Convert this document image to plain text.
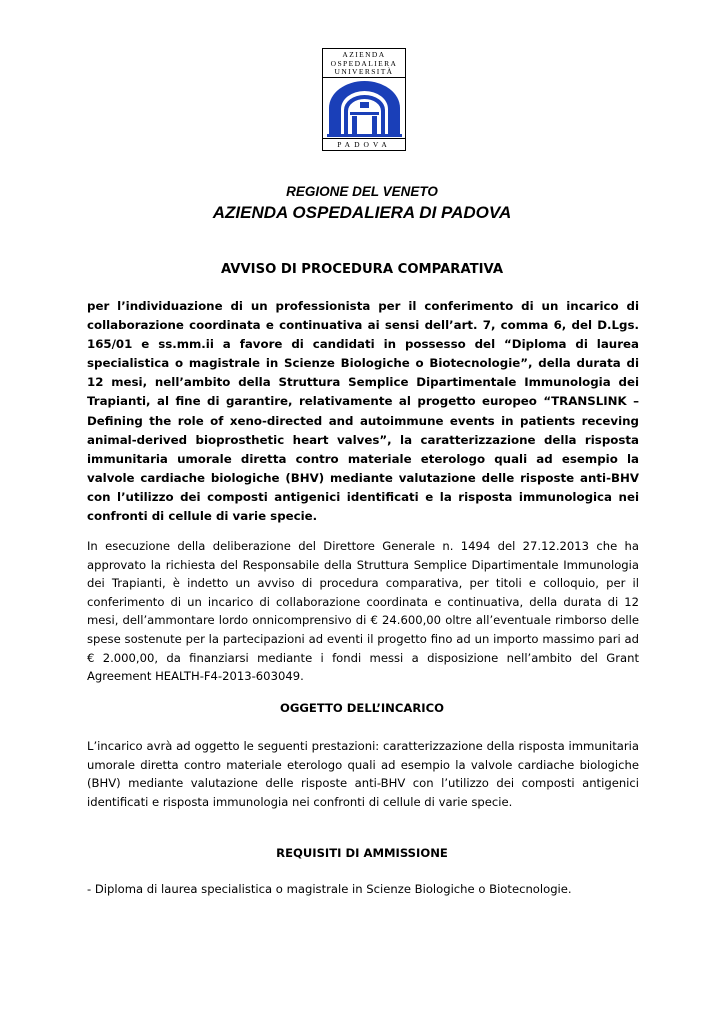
AZIENDA
OSPEDALIERA
UNIVERSITÀ
PADOVA
REGIONE DEL VENETO
AZIENDA OSPEDALIERA DI PADOVA
AVVISO DI PROCEDURA COMPARATIVA
per l’individuazione di un professionista per il conferimento di un incarico di collaborazione coordinata e continuativa ai sensi dell’art. 7, comma 6, del D.Lgs. 165/01 e ss.mm.ii a favore di candidati in possesso del “Diploma di laurea specialistica o magistrale in Scienze Biologiche o Biotecnologie”, della durata di 12 mesi, nell’ambito della Struttura Semplice Dipartimentale Immunologia dei Trapianti, al fine di garantire, relativamente al progetto europeo “TRANSLINK – Defining the role of xeno-directed and autoimmune events in patients receving animal-derived bioprosthetic heart valves”, la caratterizzazione della risposta immunitaria umorale diretta contro materiale eterologo quali ad esempio la valvole cardiache biologiche (BHV) mediante valutazione delle risposte anti-BHV con l’utilizzo dei composti antigenici identificati e la risposta immunologica nei confronti di cellule di varie specie.
In esecuzione della deliberazione del Direttore Generale n. 1494 del 27.12.2013 che ha approvato la richiesta del Responsabile della Struttura Semplice Dipartimentale Immunologia dei Trapianti, è indetto un avviso di procedura comparativa, per titoli e colloquio, per il conferimento di un incarico di collaborazione coordinata e continuativa, della durata di 12 mesi, dell’ammontare lordo onnicomprensivo di € 24.600,00 oltre all’eventuale rimborso delle spese sostenute per la partecipazioni ad eventi il progetto fino ad un importo massimo pari ad € 2.000,00, da finanziarsi mediante i fondi messi a disposizione nell’ambito del Grant Agreement HEALTH-F4-2013-603049.
OGGETTO DELL’INCARICO
L’incarico avrà ad oggetto le seguenti prestazioni: caratterizzazione della risposta immunitaria umorale diretta contro materiale eterologo quali ad esempio la valvole cardiache biologiche (BHV) mediante valutazione delle risposte anti-BHV con l’utilizzo dei composti antigenici identificati e risposta immunologia nei confronti di cellule di varie specie.
REQUISITI DI AMMISSIONE
- Diploma di laurea specialistica o magistrale in Scienze Biologiche o Biotecnologie.
